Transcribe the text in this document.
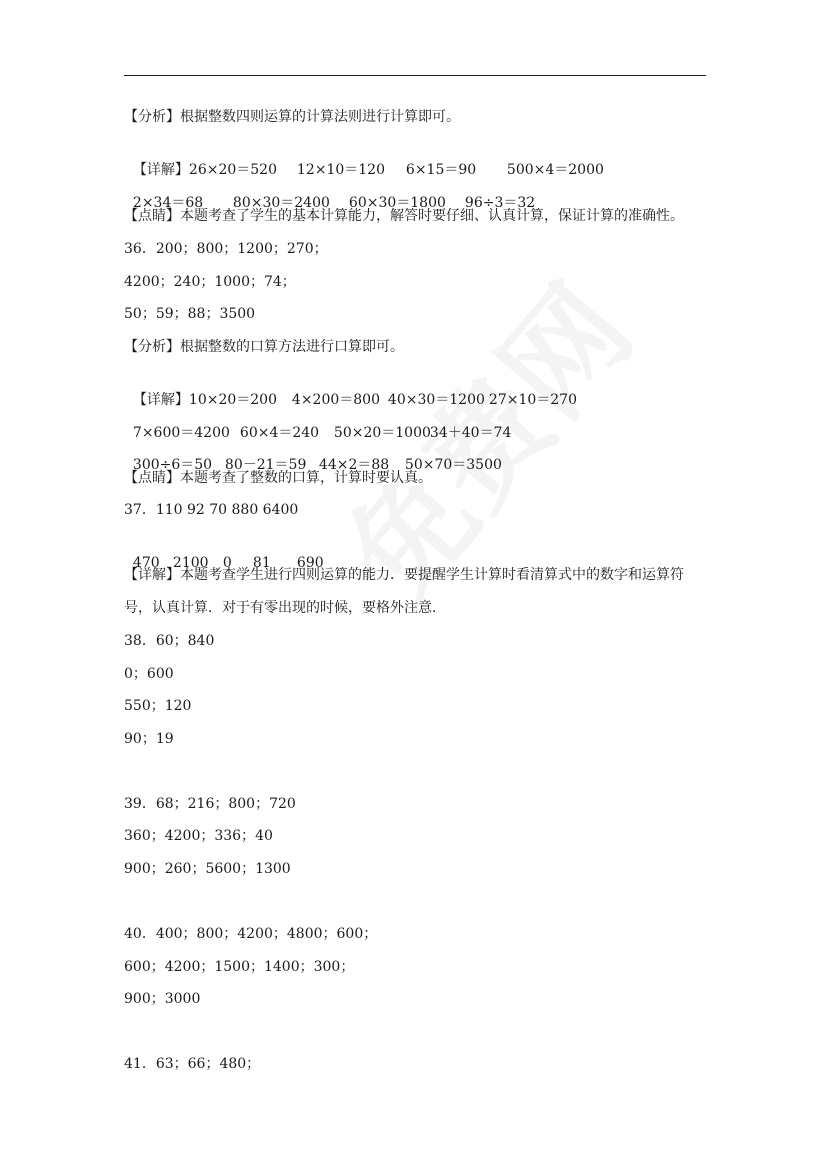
【分析】根据整数四则运算的计算法则进行计算即可。

【详解】26×20＝520 12×10＝120 6×15＝90 500×4＝2000

2×34＝68 80×30＝2400 60×30＝1800 96÷3＝32

【点睛】本题考查了学生的基本计算能力，解答时要仔细、认真计算，保证计算的准确性。
36．200；800；1200；270；
4200；240；1000；74；
50；59；88；3500
【分析】根据整数的口算方法进行口算即可。

【详解】10×20＝200 4×200＝800 40×30＝1200 27×10＝270

7×600＝4200 60×4＝240 50×20＝100034＋40＝74

300÷6＝50 80－21＝59 44×2＝88 50×70＝3500

【点睛】本题考查了整数的口算，计算时要认真。
37．110 92 70 880 6400

470 2100 0 81 690

【详解】本题考查学生进行四则运算的能力．要提醒学生计算时看清算式中的数字和运算符号，认真计算．对于有零出现的时候，要格外注意．
38．60；840
0；600
550；120
90；19
39．68；216；800；720
360；4200；336；40
900；260；5600；1300
40．400；800；4200；4800；600；
600；4200；1500；1400；300；
900；3000
41．63；66；480；
